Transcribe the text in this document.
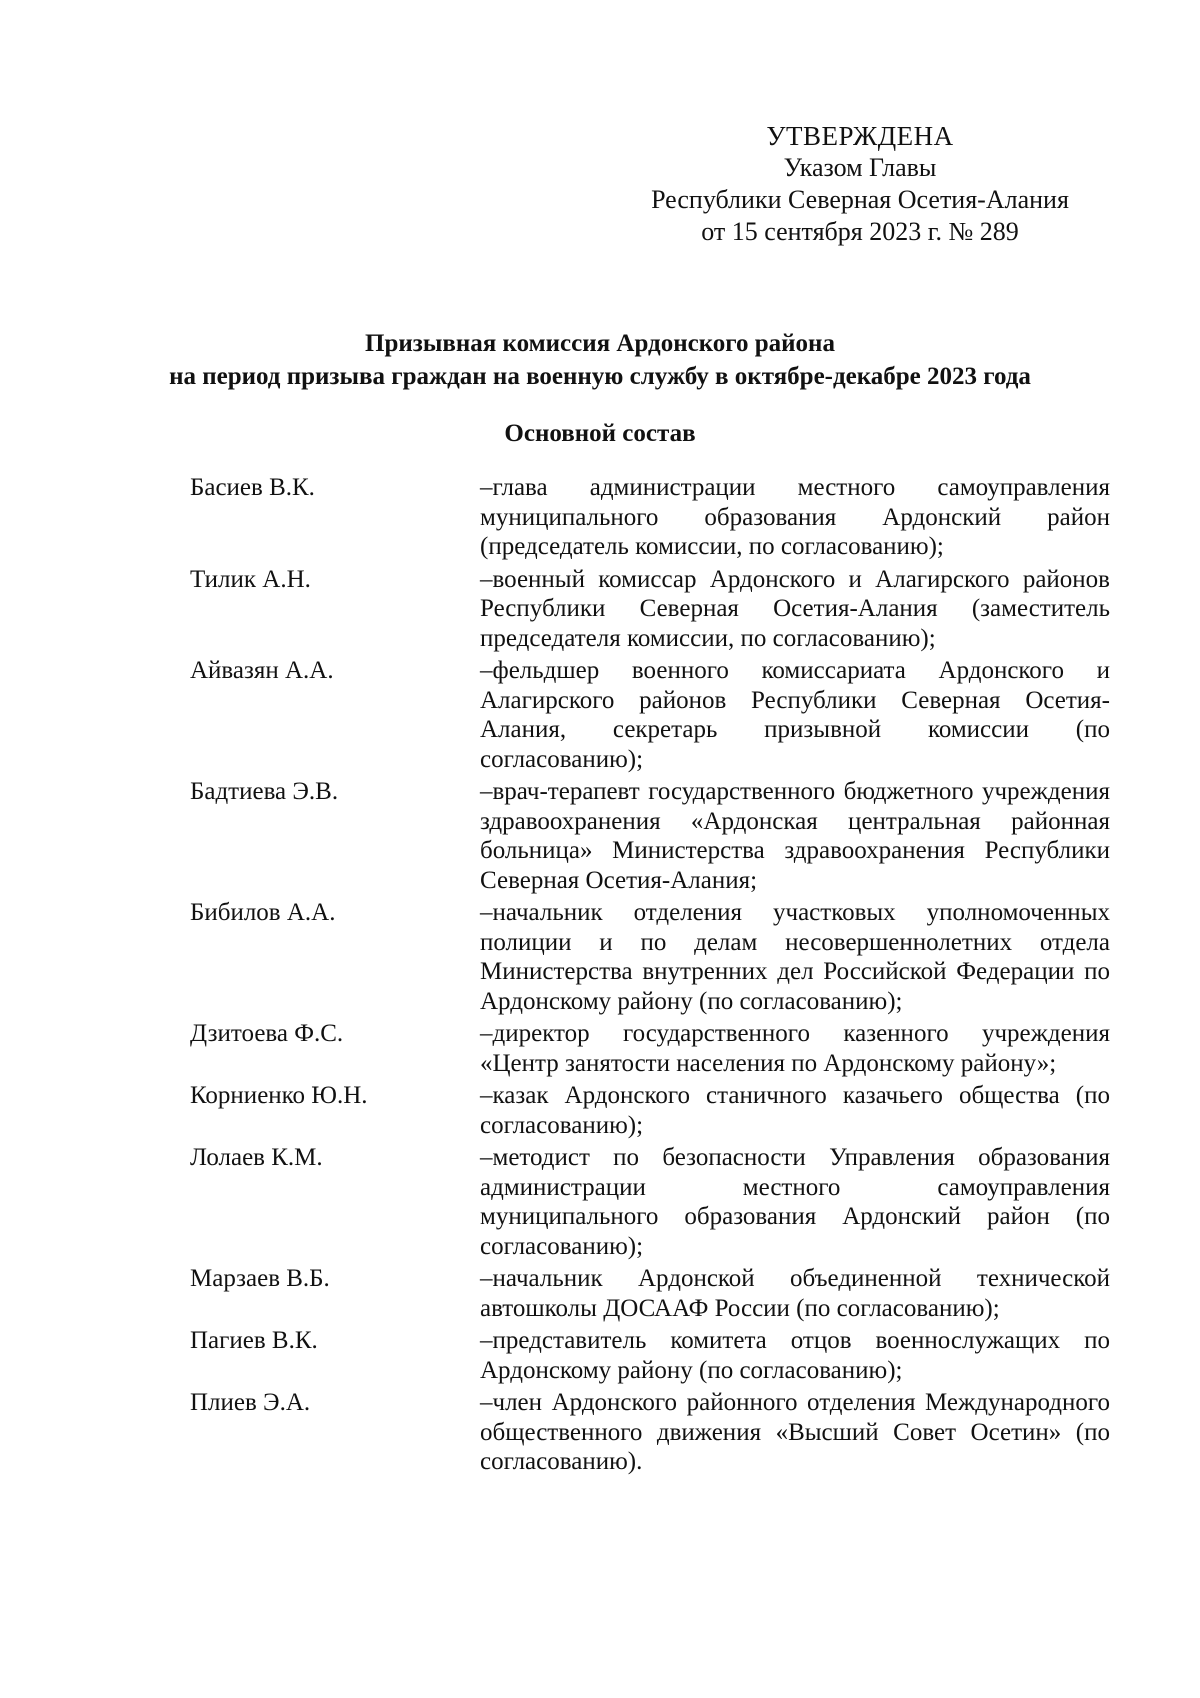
УТВЕРЖДЕНА
Указом Главы
Республики Северная Осетия-Алания
от 15 сентября 2023 г. № 289
Призывная комиссия Ардонского района
на период призыва граждан на военную службу в октябре-декабре 2023 года
Основной состав
Басиев В.К.	–глава администрации местного самоуправления муниципального образования Ардонский район (председатель комиссии, по согласованию);
Тилик А.Н.	–военный комиссар Ардонского и Алагирского районов Республики Северная Осетия-Алания (заместитель председателя комиссии, по согласованию);
Айвазян А.А.	–фельдшер военного комиссариата Ардонского и Алагирского районов Республики Северная Осетия-Алания, секретарь призывной комиссии (по согласованию);
Бадтиева Э.В.	–врач-терапевт государственного бюджетного учреждения здравоохранения «Ардонская центральная районная больница» Министерства здравоохранения Республики Северная Осетия-Алания;
Бибилов А.А.	–начальник отделения участковых уполномоченных полиции и по делам несовершеннолетних отдела Министерства внутренних дел Российской Федерации по Ардонскому району (по согласованию);
Дзитоева Ф.С.	–директор государственного казенного учреждения «Центр занятости населения по Ардонскому району»;
Корниенко Ю.Н.	–казак Ардонского станичного казачьего общества (по согласованию);
Лолаев К.М.	–методист по безопасности Управления образования администрации местного самоуправления муниципального образования Ардонский район (по согласованию);
Марзаев В.Б.	–начальник Ардонской объединенной технической автошколы ДОСААФ России (по согласованию);
Пагиев В.К.	–представитель комитета отцов военнослужащих по Ардонскому району (по согласованию);
Плиев Э.А.	–член Ардонского районного отделения Международного общественного движения «Высший Совет Осетин» (по согласованию).
